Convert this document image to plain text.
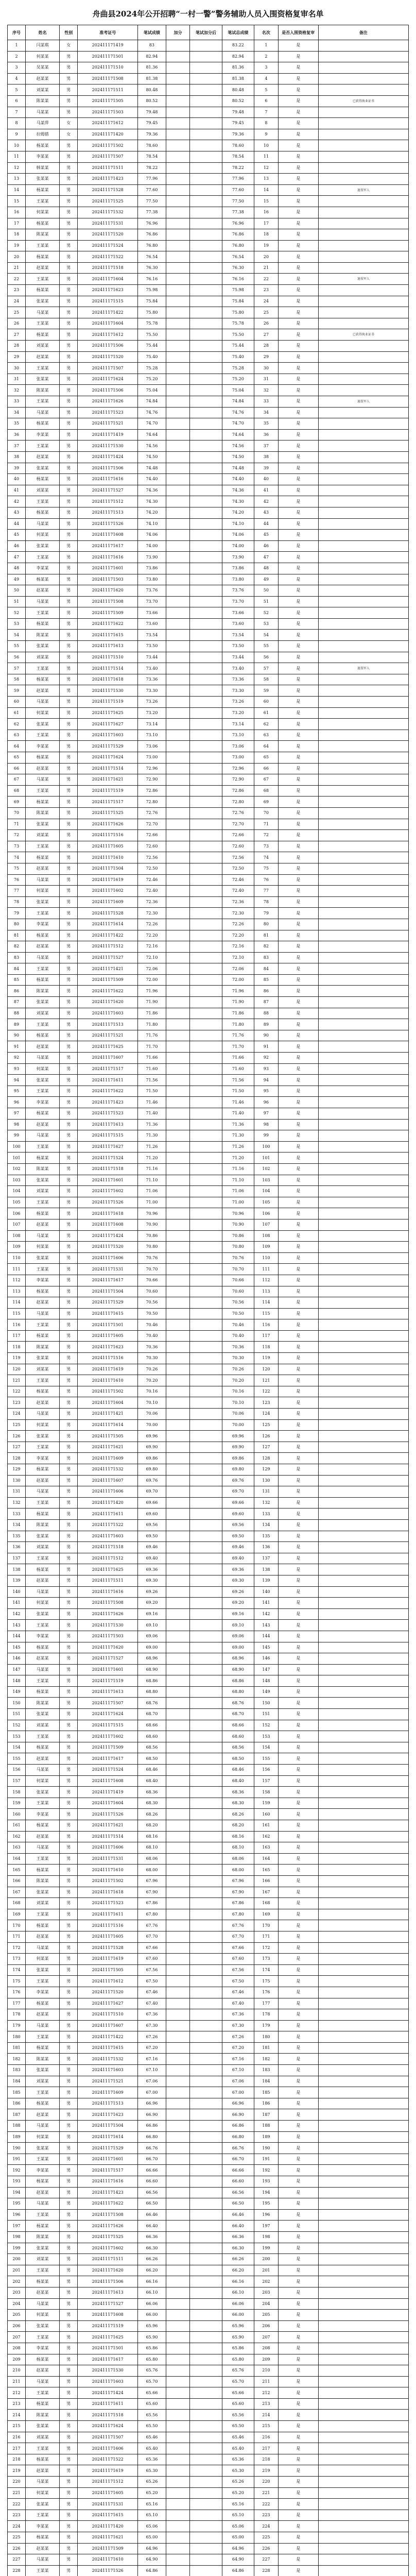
舟曲县2024年公开招聘“一村一警”警务辅助人员入围资格复审名单
序号	姓名	性别	准考证号	笔试成绩	加分	笔试加分后	笔试总成绩	名次	是否入围资格复审	备注
1	闫某琪	女	202411171419	83			83.22	1	是	
2	何某某	男	202411171501	82.94			82.94	2	是	
3	吴某某	男	202411171510	81.36			81.36	3	是	
4	赵某某	男	202411171508	81.38			81.38	4	是	
5	刘某某	男	202411171511	80.48			80.48	5	是	
6	陈某某	男	202411171505	80.52			80.52	6	是	已获得执业证书
7	马某某	男	202411171503	79.48			79.48	7	是	
8	马某萍	女	202411171612	79.45			79.45	8	是	
9	拉姆措	女	202411171420	79.36			79.36	9	是	
10	杨某某	男	202411171502	78.60			78.60	10	是	
11	李某某	男	202411171507	78.54			78.54	11	是	
12	韩某某	男	202411171511	78.22			78.22	12	是	
13	张某某	男	202411171423	77.96			77.96	13	是	
14	杨某某	男	202411171528	77.60			77.60	14	是	退役军人
15	王某某	男	202411171525	77.50			77.50	15	是	
16	何某某	男	202411171532	77.38			77.38	16	是	
17	杨某某	男	202411171531	76.96			76.96	17	是	
18	陈某某	男	202411171520	76.86			76.86	18	是	
19	王某某	男	202411171524	76.80			76.80	19	是	
20	杨某某	男	202411171522	76.54			76.54	20	是	
21	赵某某	男	202411171518	76.30			76.30	21	是	
22	王某某	男	202411171604	76.16			76.16	22	是	退役军人
23	杨某某	男	202411171623	75.98			75.98	23	是	
24	张某某	男	202411171515	75.84			75.84	24	是	
25	马某某	男	202411171422	75.80			75.80	25	是	
26	王某某	男	202411171604	75.78			75.78	26	是	
27	杨某某	男	202411171612	75.50			75.50	27	是	已获得执业证书
28	刘某某	男	202411171506	75.44			75.44	28	是	
29	赵某某	男	202411171520	75.40			75.40	29	是	
30	王某某	男	202411171507	75.28			75.28	30	是	
31	张某某	男	202411171624	75.20			75.20	31	是	
32	陈某某	男	202411171506	75.04			75.04	32	是	
33	王某某	男	202411171626	74.84			74.84	33	是	退役军人
34	马某某	男	202411171523	74.76			74.76	34	是	
35	杨某某	男	202411171521	74.70			74.70	35	是	
36	李某某	男	202411171419	74.64			74.64	36	是	
37	王某某	男	202411171530	74.56			74.56	37	是	
38	赵某某	男	202411171424	74.50			74.50	38	是	
39	张某某	男	202411171506	74.48			74.48	39	是	
40	杨某某	男	202411171616	74.40			74.40	40	是	
41	刘某某	男	202411171527	74.36			74.36	41	是	
42	王某某	男	202411171512	74.30			74.30	42	是	
43	杨某某	男	202411171513	74.20			74.20	43	是	
44	马某某	男	202411171526	74.10			74.10	44	是	
45	何某某	男	202411171608	74.06			74.06	45	是	
46	张某某	男	202411171617	74.00			74.00	46	是	
47	王某某	男	202411171616	73.90			73.90	47	是	
48	李某某	男	202411171601	73.86			73.86	48	是	
49	杨某某	男	202411171503	73.80			73.80	49	是	
50	赵某某	男	202411171620	73.76			73.76	50	是	
51	马某某	男	202411171508	73.70			73.70	51	是	
52	王某某	男	202411171509	73.66			73.66	52	是	
53	杨某某	男	202411171622	73.60			73.60	53	是	
54	陈某某	男	202411171615	73.54			73.54	54	是	
55	张某某	男	202411171613	73.50			73.50	55	是	
56	刘某某	男	202411171510	73.44			73.44	56	是	
57	王某某	男	202411171514	73.40			73.40	57	是	退役军人
58	杨某某	男	202411171618	73.36			73.36	58	是	
59	赵某某	男	202411171530	73.30			73.30	59	是	
60	马某某	男	202411171519	73.26			73.26	60	是	
61	何某某	男	202411171625	73.20			73.20	61	是	
62	张某某	男	202411171627	73.14			73.14	62	是	
63	王某某	男	202411171603	73.10			73.10	63	是	
64	李某某	男	202411171529	73.06			73.06	64	是	
65	杨某某	男	202411171624	73.00			73.00	65	是	
66	赵某某	男	202411171514	72.96			72.96	66	是	
67	马某某	男	202411171621	72.90			72.90	67	是	
68	王某某	男	202411171519	72.86			72.86	68	是	
69	杨某某	男	202411171517	72.80			72.80	69	是	
70	陈某某	男	202411171525	72.76			72.76	70	是	
71	张某某	男	202411171626	72.70			72.70	71	是	
72	刘某某	男	202411171516	72.66			72.66	72	是	
73	王某某	男	202411171605	72.60			72.60	73	是	
74	杨某某	男	202411171610	72.56			72.56	74	是	
75	赵某某	男	202411171504	72.50			72.50	75	是	
76	马某某	男	202411171619	72.46			72.46	76	是	
77	何某某	男	202411171602	72.40			72.40	77	是	
78	张某某	男	202411171609	72.36			72.36	78	是	
79	王某某	男	202411171528	72.30			72.30	79	是	
80	李某某	男	202411171614	72.26			72.26	80	是	
81	杨某某	男	202411171422	72.20			72.20	81	是	
82	赵某某	男	202411171512	72.16			72.16	82	是	
83	马某某	男	202411171527	72.10			72.10	83	是	
84	王某某	男	202411171421	72.06			72.06	84	是	
85	杨某某	男	202411171509	72.00			72.00	85	是	
86	陈某某	男	202411171622	71.96			71.96	86	是	
87	张某某	男	202411171620	71.90			71.90	87	是	
88	刘某某	男	202411171603	71.86			71.86	88	是	
89	王某某	男	202411171513	71.80			71.80	89	是	
90	杨某某	男	202411171521	71.76			71.76	90	是	
91	赵某某	男	202411171625	71.70			71.70	91	是	
92	马某某	男	202411171607	71.66			71.66	92	是	
93	何某某	男	202411171517	71.60			71.60	93	是	
94	张某某	男	202411171611	71.56			71.56	94	是	
95	王某某	男	202411171622	71.50			71.50	95	是	
96	李某某	男	202411171423	71.46			71.46	96	是	
97	杨某某	男	202411171523	71.40			71.40	97	是	
98	赵某某	男	202411171613	71.36			71.36	98	是	
99	马某某	男	202411171515	71.30			71.30	99	是	
100	王某某	男	202411171627	71.26			71.26	100	是	
101	杨某某	男	202411171524	71.20			71.20	101	是	
102	陈某某	男	202411171518	71.16			71.16	102	是	
103	张某某	男	202411171601	71.10			71.10	103	是	
104	刘某某	男	202411171602	71.06			71.06	104	是	
105	王某某	男	202411171526	71.00			71.00	105	是	
106	杨某某	男	202411171618	70.96			70.96	106	是	
107	赵某某	男	202411171608	70.90			70.90	107	是	
108	马某某	男	202411171424	70.86			70.86	108	是	
109	何某某	男	202411171520	70.80			70.80	109	是	
110	张某某	男	202411171606	70.76			70.76	110	是	
111	王某某	男	202411171531	70.70			70.70	111	是	
112	李某某	男	202411171617	70.66			70.66	112	是	
113	杨某某	男	202411171504	70.60			70.60	113	是	
114	赵某某	男	202411171529	70.56			70.56	114	是	
115	马某某	男	202411171615	70.50			70.50	115	是	
116	王某某	男	202411171501	70.46			70.46	116	是	
117	杨某某	男	202411171605	70.40			70.40	117	是	
118	陈某某	男	202411171623	70.36			70.36	118	是	
119	张某某	男	202411171516	70.30			70.30	119	是	
120	刘某某	男	202411171619	70.26			70.26	120	是	
121	王某某	男	202411171610	70.20			70.20	121	是	
122	杨某某	男	202411171502	70.16			70.16	122	是	
123	赵某某	男	202411171604	70.10			70.10	123	是	
124	马某某	男	202411171421	70.06			70.06	124	是	
125	何某某	男	202411171614	70.00			70.00	125	是	
126	张某某	男	202411171505	69.96			69.96	126	是	
127	王某某	男	202411171621	69.90			69.90	127	是	
128	李某某	男	202411171609	69.86			69.86	128	是	
129	杨某某	男	202411171532	69.80			69.80	129	是	
130	赵某某	男	202411171607	69.76			69.76	130	是	
131	马某某	男	202411171606	69.70			69.70	131	是	
132	王某某	男	202411171420	69.66			69.66	132	是	
133	杨某某	男	202411171611	69.60			69.60	133	是	
134	陈某某	男	202411171522	69.56			69.56	134	是	
135	张某某	男	202411171603	69.50			69.50	135	是	
136	刘某某	男	202411171518	69.46			69.46	136	是	
137	王某某	男	202411171512	69.40			69.40	137	是	
138	杨某某	男	202411171625	69.36			69.36	138	是	
139	赵某某	男	202411171511	69.30			69.30	139	是	
140	马某某	男	202411171616	69.26			69.26	140	是	
141	何某某	男	202411171508	69.20			69.20	141	是	
142	张某某	男	202411171626	69.16			69.16	142	是	
143	王某某	男	202411171530	69.10			69.10	143	是	
144	李某某	男	202411171503	69.06			69.06	144	是	
145	杨某某	男	202411171620	69.00			69.00	145	是	
146	赵某某	男	202411171527	68.96			68.96	146	是	
147	马某某	男	202411171601	68.90			68.90	147	是	
148	王某某	男	202411171519	68.86			68.86	148	是	
149	杨某某	男	202411171613	68.80			68.80	149	是	
150	陈某某	男	202411171507	68.76			68.76	150	是	
151	张某某	男	202411171624	68.70			68.70	151	是	
152	刘某某	男	202411171515	68.66			68.66	152	是	
153	王某某	男	202411171602	68.60			68.60	153	是	
154	杨某某	男	202411171509	68.56			68.56	154	是	
155	赵某某	男	202411171617	68.50			68.50	155	是	
156	马某某	男	202411171524	68.46			68.46	156	是	
157	何某某	男	202411171608	68.40			68.40	157	是	
158	张某某	男	202411171419	68.36			68.36	158	是	
159	王某某	男	202411171604	68.30			68.30	159	是	
160	李某某	男	202411171526	68.26			68.26	160	是	
161	杨某某	男	202411171621	68.20			68.20	161	是	
162	赵某某	男	202411171514	68.16			68.16	162	是	
163	马某某	男	202411171606	68.10			68.10	163	是	
164	王某某	男	202411171531	68.06			68.06	164	是	
165	杨某某	男	202411171610	68.00			68.00	165	是	
166	陈某某	男	202411171502	67.96			67.96	166	是	
167	张某某	男	202411171618	67.90			67.90	167	是	
168	刘某某	男	202411171523	67.86			67.86	168	是	
169	王某某	男	202411171611	67.80			67.80	169	是	
170	杨某某	男	202411171516	67.76			67.76	170	是	
171	赵某某	男	202411171605	67.70			67.70	171	是	
172	马某某	男	202411171528	67.66			67.66	172	是	
173	何某某	男	202411171619	67.60			67.60	173	是	
174	张某某	男	202411171505	67.56			67.56	174	是	
175	王某某	男	202411171612	67.50			67.50	175	是	
176	李某某	男	202411171520	67.46			67.46	176	是	
177	杨某某	男	202411171627	67.40			67.40	177	是	
178	赵某某	男	202411171510	67.36			67.36	178	是	
179	马某某	男	202411171607	67.30			67.30	179	是	
180	王某某	男	202411171422	67.26			67.26	180	是	
181	杨某某	男	202411171615	67.20			67.20	181	是	
182	陈某某	男	202411171532	67.16			67.16	182	是	
183	张某某	男	202411171603	67.10			67.10	183	是	
184	刘某某	男	202411171521	67.06			67.06	184	是	
185	王某某	男	202411171609	67.00			67.00	185	是	
186	杨某某	男	202411171513	66.96			66.96	186	是	
187	赵某某	男	202411171623	66.90			66.90	187	是	
188	马某某	男	202411171504	66.86			66.86	188	是	
189	何某某	男	202411171614	66.80			66.80	189	是	
190	张某某	男	202411171529	66.76			66.76	190	是	
191	王某某	男	202411171601	66.70			66.70	191	是	
192	李某某	男	202411171517	66.66			66.66	192	是	
193	杨某某	男	202411171616	66.60			66.60	193	是	
194	赵某某	男	202411171423	66.56			66.56	194	是	
195	马某某	男	202411171622	66.50			66.50	195	是	
196	王某某	男	202411171508	66.46			66.46	196	是	
197	杨某某	男	202411171626	66.40			66.40	197	是	
198	陈某某	男	202411171525	66.36			66.36	198	是	
199	张某某	男	202411171602	66.30			66.30	199	是	
200	刘某某	男	202411171511	66.26			66.26	200	是	
201	王某某	男	202411171620	66.20			66.20	201	是	
202	杨某某	男	202411171506	66.16			66.16	202	是	
203	赵某某	男	202411171613	66.10			66.10	203	是	
204	马某某	男	202411171527	66.06			66.06	204	是	
205	何某某	男	202411171608	66.00			66.00	205	是	
206	张某某	男	202411171519	65.96			65.96	206	是	
207	王某某	男	202411171625	65.90			65.90	207	是	
208	李某某	男	202411171501	65.86			65.86	208	是	
209	杨某某	男	202411171617	65.80			65.80	209	是	
210	赵某某	男	202411171530	65.76			65.76	210	是	
211	马某某	男	202411171603	65.70			65.70	211	是	
212	王某某	男	202411171424	65.66			65.66	212	是	
213	杨某某	男	202411171611	65.60			65.60	213	是	
214	陈某某	男	202411171518	65.56			65.56	214	是	
215	张某某	男	202411171624	65.50			65.50	215	是	
216	刘某某	男	202411171507	65.46			65.46	216	是	
217	王某某	男	202411171606	65.40			65.40	217	是	
218	杨某某	男	202411171522	65.36			65.36	218	是	
219	赵某某	男	202411171619	65.30			65.30	219	是	
220	马某某	男	202411171512	65.26			65.26	220	是	
221	何某某	男	202411171605	65.20			65.20	221	是	
222	张某某	男	202411171531	65.16			65.16	222	是	
223	王某某	男	202411171615	65.10			65.10	223	是	
224	李某某	男	202411171420	65.06			65.06	224	是	
225	杨某某	男	202411171621	65.00			65.00	225	是	
226	赵某某	男	202411171509	64.96			64.96	226	是	
227	马某某	男	202411171610	64.90			64.90	227	是	
228	王某某	男	202411171526	64.86			64.86	228	是	
